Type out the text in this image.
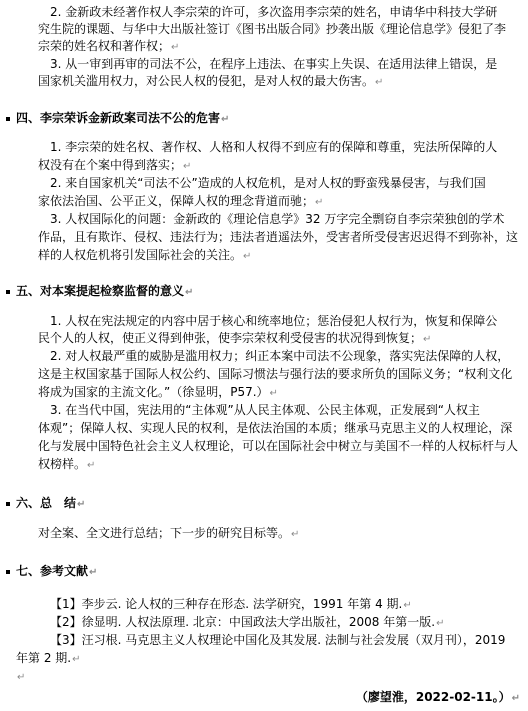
　2. 金新政未经著作权人李宗荣的许可，多次盗用李宗荣的姓名，申请华中科技大学研
究生院的课题、与华中大出版社签订《图书出版合同》抄袭出版《理论信息学》侵犯了李
宗荣的姓名权和著作权；↵
　3. 从一审到再审的司法不公，在程序上违法、在事实上失误、在适用法律上错误，是
国家机关滥用权力，对公民人权的侵犯，是对人权的最大伤害。↵
四、李宗荣诉金新政案司法不公的危害↵
　1. 李宗荣的姓名权、著作权、人格和人权得不到应有的保障和尊重，宪法所保障的人
权没有在个案中得到落实；↵
　2. 来自国家机关“司法不公”造成的人权危机，是对人权的野蛮残暴侵害，与我们国
家依法治国、公平正义，保障人权的理念背道而驰；↵
　3. 人权国际化的问题：金新政的《理论信息学》32 万字完全剽窃自李宗荣独创的学术
作品，且有欺诈、侵权、违法行为；违法者逍遥法外，受害者所受侵害迟迟得不到弥补，这
样的人权危机将引发国际社会的关注。↵
五、对本案提起检察监督的意义↵
　1. 人权在宪法规定的内容中居于核心和统率地位；惩治侵犯人权行为，恢复和保障公
民个人的人权，使正义得到伸张，使李宗荣权利受侵害的状况得到恢复；↵
　2. 对人权最严重的威胁是滥用权力；纠正本案中司法不公现象，落实宪法保障的人权，
这是主权国家基于国际人权公约、国际习惯法与强行法的要求所负的国际义务；“权利文化
将成为国家的主流文化。”（徐显明，P57.）↵
　3. 在当代中国，宪法用的“主体观”从人民主体观、公民主体观，正发展到“人权主
体观”；保障人权、实现人民的权利，是依法治国的本质；继承马克思主义的人权理论，深
化与发展中国特色社会主义人权理论，可以在国际社会中树立与美国不一样的人权标杆与人
权榜样。↵
六、总　结↵
对全案、全文进行总结；下一步的研究目标等。↵
七、参考文献↵
【1】李步云. 论人权的三种存在形态. 法学研究，1991 年第 4 期.↵
【2】徐显明. 人权法原理. 北京：中国政法大学出版社，2008 年第一版.↵
【3】汪习根. 马克思主义人权理论中国化及其发展. 法制与社会发展（双月刊），2019
年第 2 期.↵
↵
（廖望淮，2022-02-11。）↵
